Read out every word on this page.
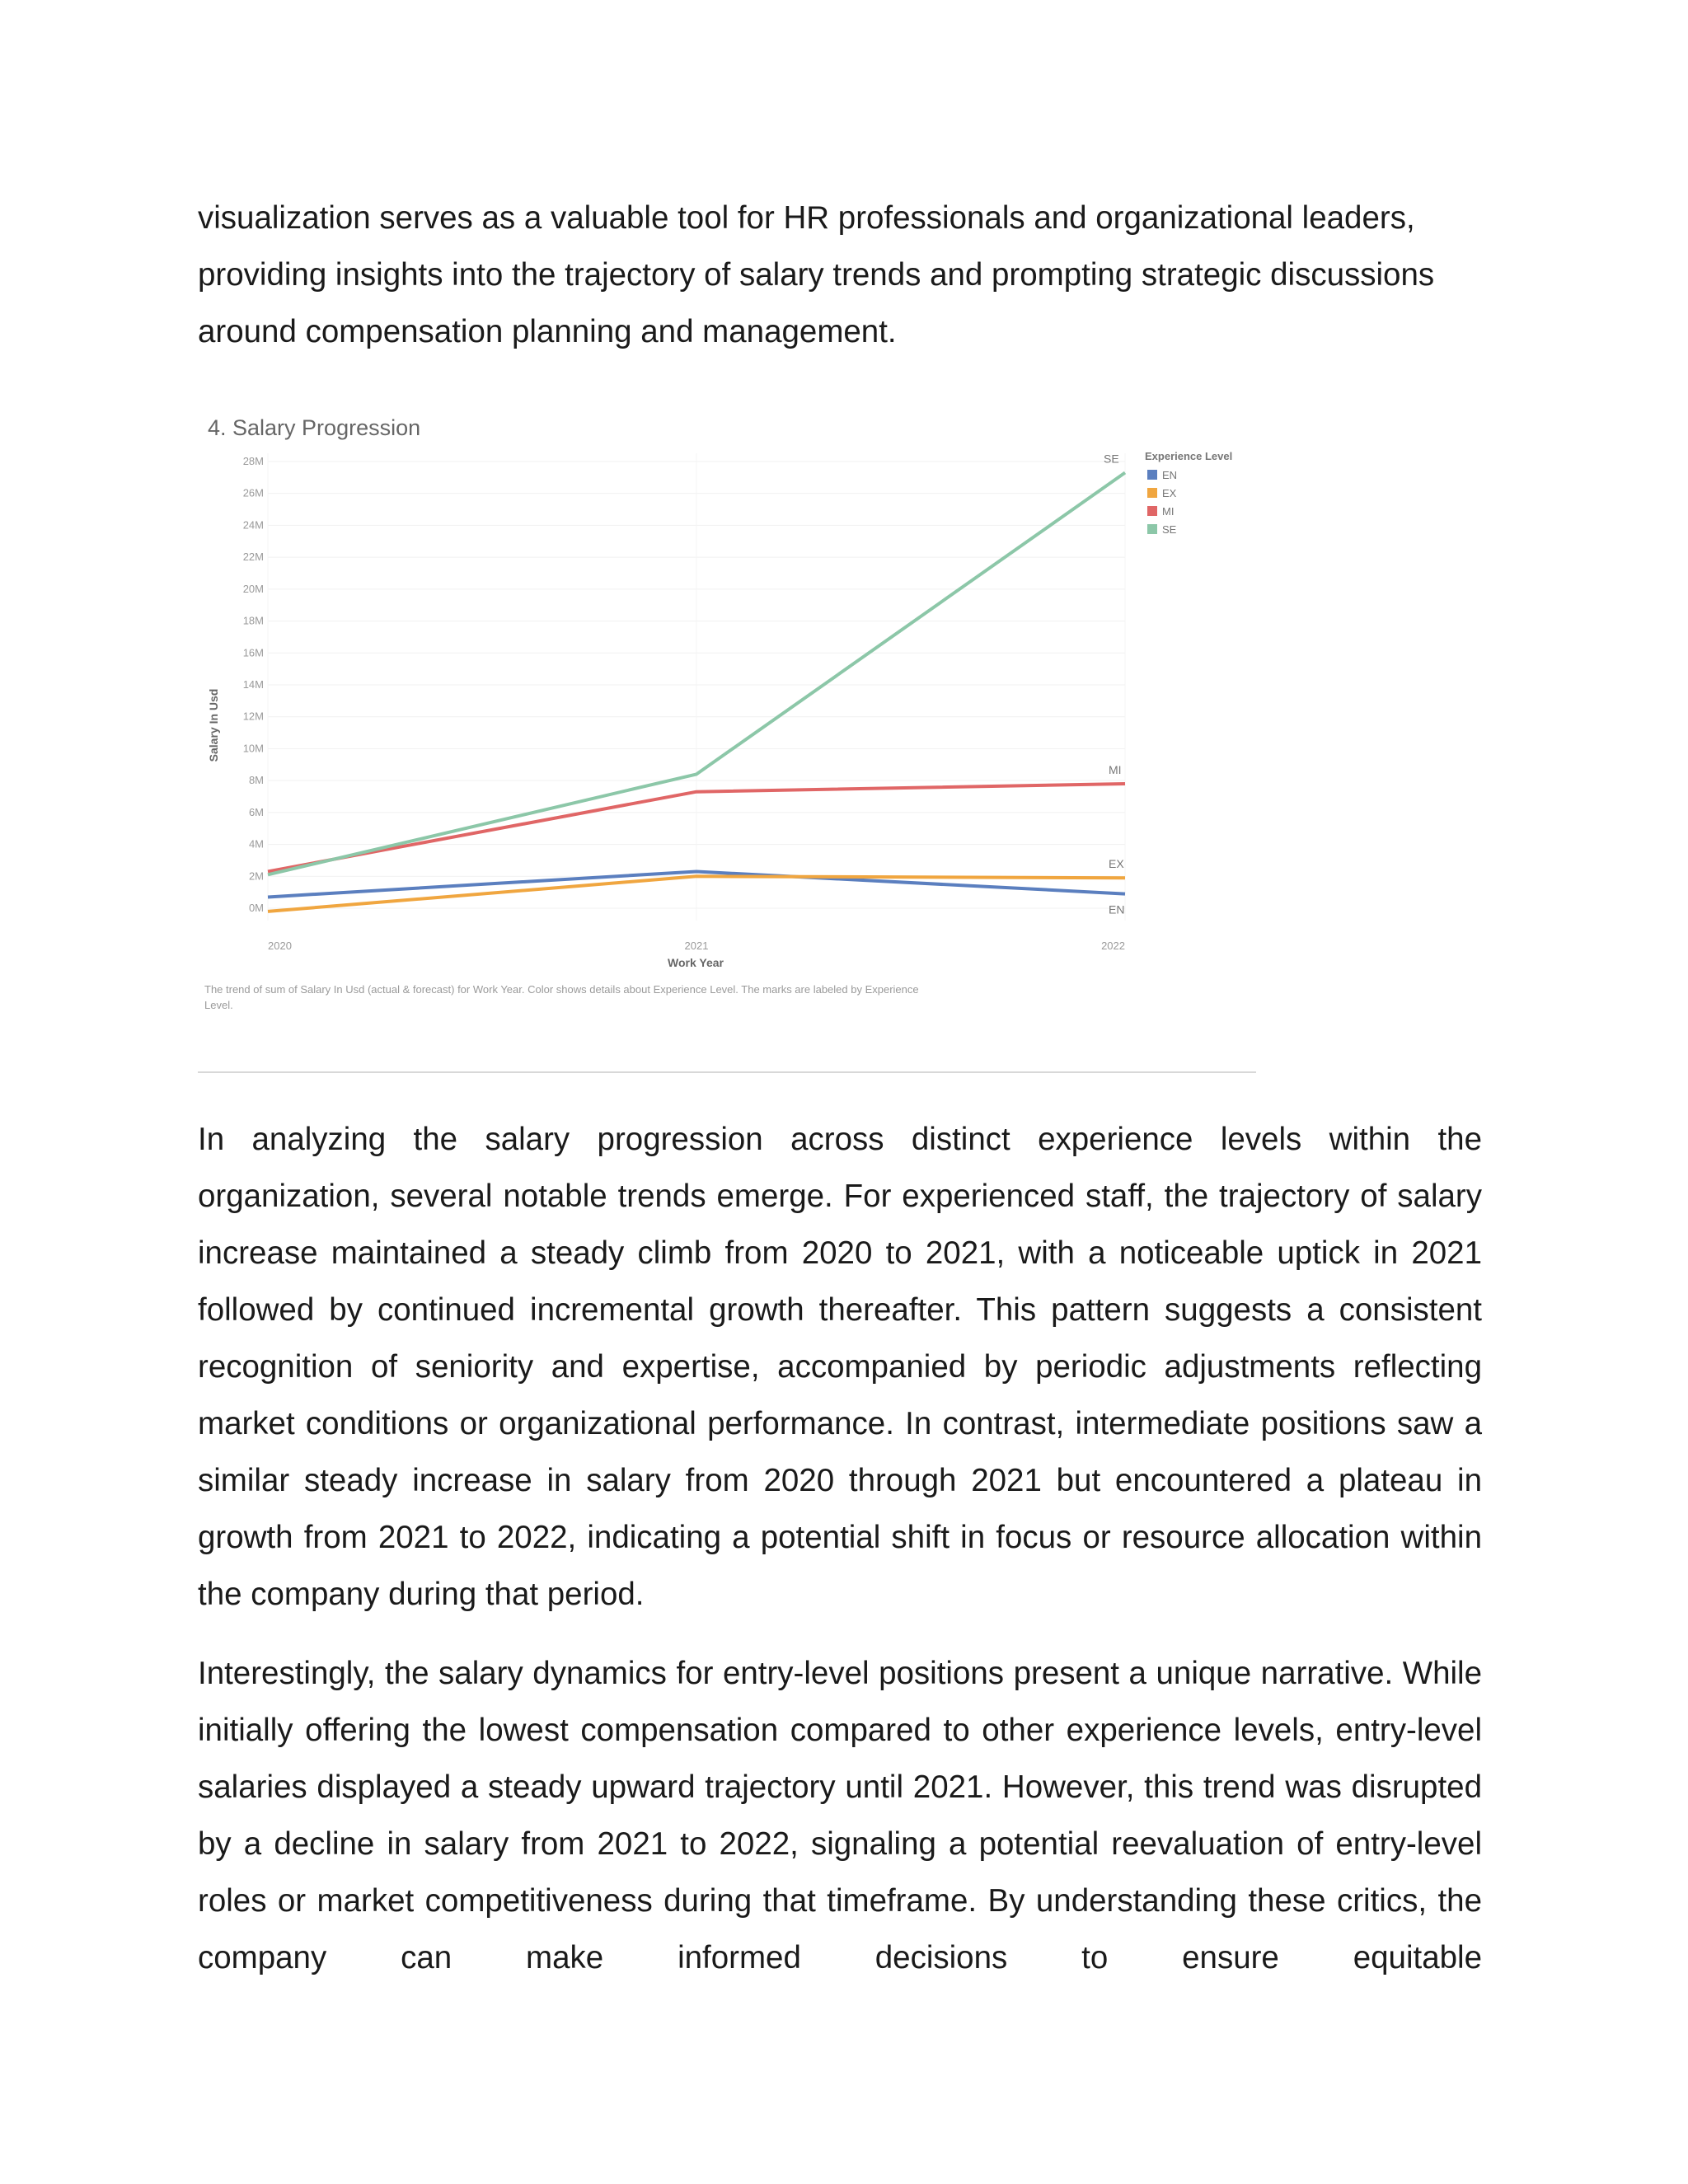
visualization serves as a valuable tool for HR professionals and organizational leaders, providing insights into the trajectory of salary trends and prompting strategic discussions around compensation planning and management.

4. Salary Progression
0M
2M
4M
6M
8M
10M
12M
14M
16M
18M
20M
22M
24M
26M
28M
2020	2021	2022
EN
EX
MI
SE
Salary In Usd
Work Year
Experience Level
EN
EX
MI
SE
The trend of sum of Salary In Usd (actual & forecast) for Work Year. Color shows details about Experience Level. The marks are labeled by Experience Level.

In analyzing the salary progression across distinct experience levels within the organization, several notable trends emerge. For experienced staff, the trajectory of salary increase maintained a steady climb from 2020 to 2021, with a noticeable uptick in 2021 followed by continued incremental growth thereafter. This pattern suggests a consistent recognition of seniority and expertise, accompanied by periodic adjustments reflecting market conditions or organizational performance. In contrast, intermediate positions saw a similar steady increase in salary from 2020 through 2021 but encountered a plateau in growth from 2021 to 2022, indicating a potential shift in focus or resource allocation within the company during that period.

Interestingly, the salary dynamics for entry-level positions present a unique narrative. While initially offering the lowest compensation compared to other experience levels, entry-level salaries displayed a steady upward trajectory until 2021. However, this trend was disrupted by a decline in salary from 2021 to 2022, signaling a potential reevaluation of entry-level roles or market competitiveness during that timeframe. By understanding these critics, the company can make informed decisions to ensure equitable
